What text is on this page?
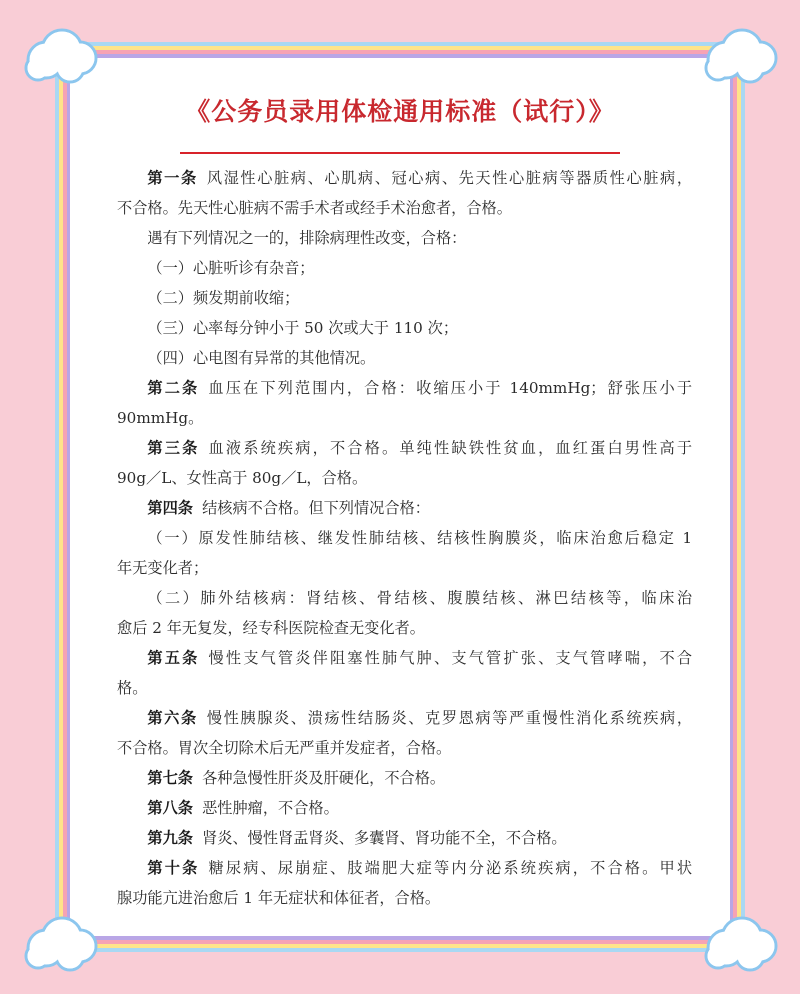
《公务员录用体检通用标准（试行）》

第一条 风湿性心脏病、心肌病、冠心病、先天性心脏病等器质性心脏病，

不合格。先天性心脏病不需手术者或经手术治愈者，合格。

遇有下列情况之一的，排除病理性改变，合格：

（一）心脏听诊有杂音；

（二）频发期前收缩；

（三）心率每分钟小于 50 次或大于 110 次；

（四）心电图有异常的其他情况。

第二条 血压在下列范围内，合格：收缩压小于 140mmHg；舒张压小于

90mmHg。

第三条 血液系统疾病，不合格。单纯性缺铁性贫血，血红蛋白男性高于

90g／L、女性高于 80g／L，合格。

第四条 结核病不合格。但下列情况合格：

（一）原发性肺结核、继发性肺结核、结核性胸膜炎，临床治愈后稳定 1

年无变化者；

（二）肺外结核病：肾结核、骨结核、腹膜结核、淋巴结核等，临床治

愈后 2 年无复发，经专科医院检查无变化者。

第五条 慢性支气管炎伴阻塞性肺气肿、支气管扩张、支气管哮喘，不合

格。

第六条 慢性胰腺炎、溃疡性结肠炎、克罗恩病等严重慢性消化系统疾病，

不合格。胃次全切除术后无严重并发症者，合格。

第七条 各种急慢性肝炎及肝硬化，不合格。

第八条 恶性肿瘤，不合格。

第九条 肾炎、慢性肾盂肾炎、多囊肾、肾功能不全，不合格。

第十条 糖尿病、尿崩症、肢端肥大症等内分泌系统疾病，不合格。甲状

腺功能亢进治愈后 1 年无症状和体征者，合格。
